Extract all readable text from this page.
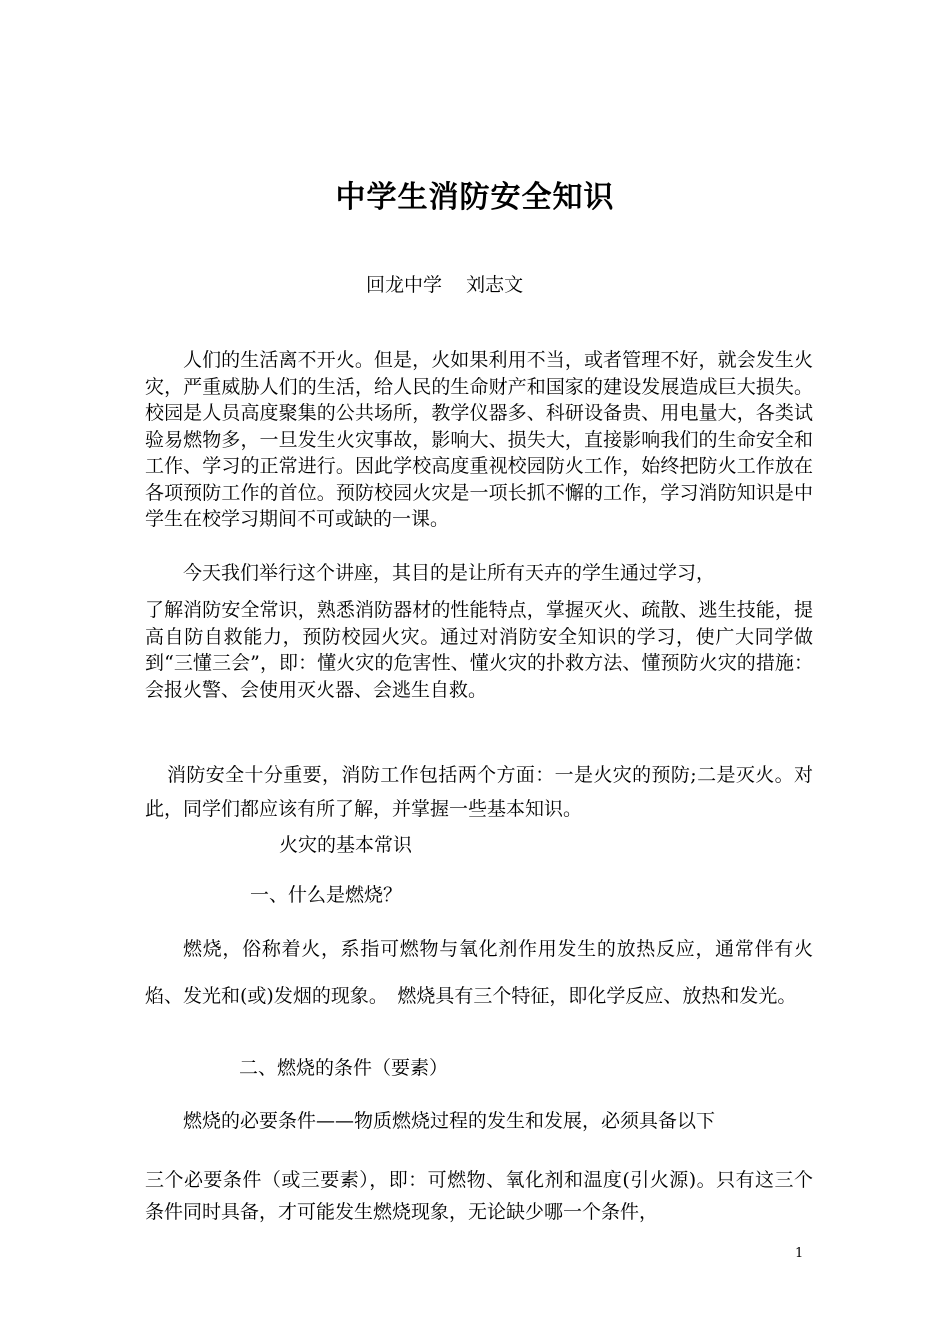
中学生消防安全知识
回龙中学    刘志文
人们的生活离不开火。但是，火如果利用不当，或者管理不好，就会发生火灾，严重威胁人们的生活，给人民的生命财产和国家的建设发展造成巨大损失。校园是人员高度聚集的公共场所，教学仪器多、科研设备贵、用电量大，各类试验易燃物多，一旦发生火灾事故，影响大、损失大，直接影响我们的生命安全和工作、学习的正常进行。因此学校高度重视校园防火工作，始终把防火工作放在各项预防工作的首位。预防校园火灾是一项长抓不懈的工作，学习消防知识是中学生在校学习期间不可或缺的一课。
今天我们举行这个讲座，其目的是让所有天卉的学生通过学习，
了解消防安全常识，熟悉消防器材的性能特点，掌握灭火、疏散、逃生技能，提高自防自救能力，预防校园火灾。通过对消防安全知识的学习，使广大同学做到“三懂三会”，即：懂火灾的危害性、懂火灾的扑救方法、懂预防火灾的措施：会报火警、会使用灭火器、会逃生自救。
消防安全十分重要，消防工作包括两个方面：一是火灾的预防;二是灭火。对此，同学们都应该有所了解，并掌握一些基本知识。
火灾的基本常识
一、什么是燃烧？
燃烧，俗称着火，系指可燃物与氧化剂作用发生的放热反应，通常伴有火焰、发光和(或)发烟的现象。　燃烧具有三个特征，即化学反应、放热和发光。
二、燃烧的条件（要素）
燃烧的必要条件——物质燃烧过程的发生和发展，必须具备以下
三个必要条件（或三要素），即：可燃物、氧化剂和温度(引火源)。只有这三个条件同时具备，才可能发生燃烧现象，无论缺少哪一个条件，
1
